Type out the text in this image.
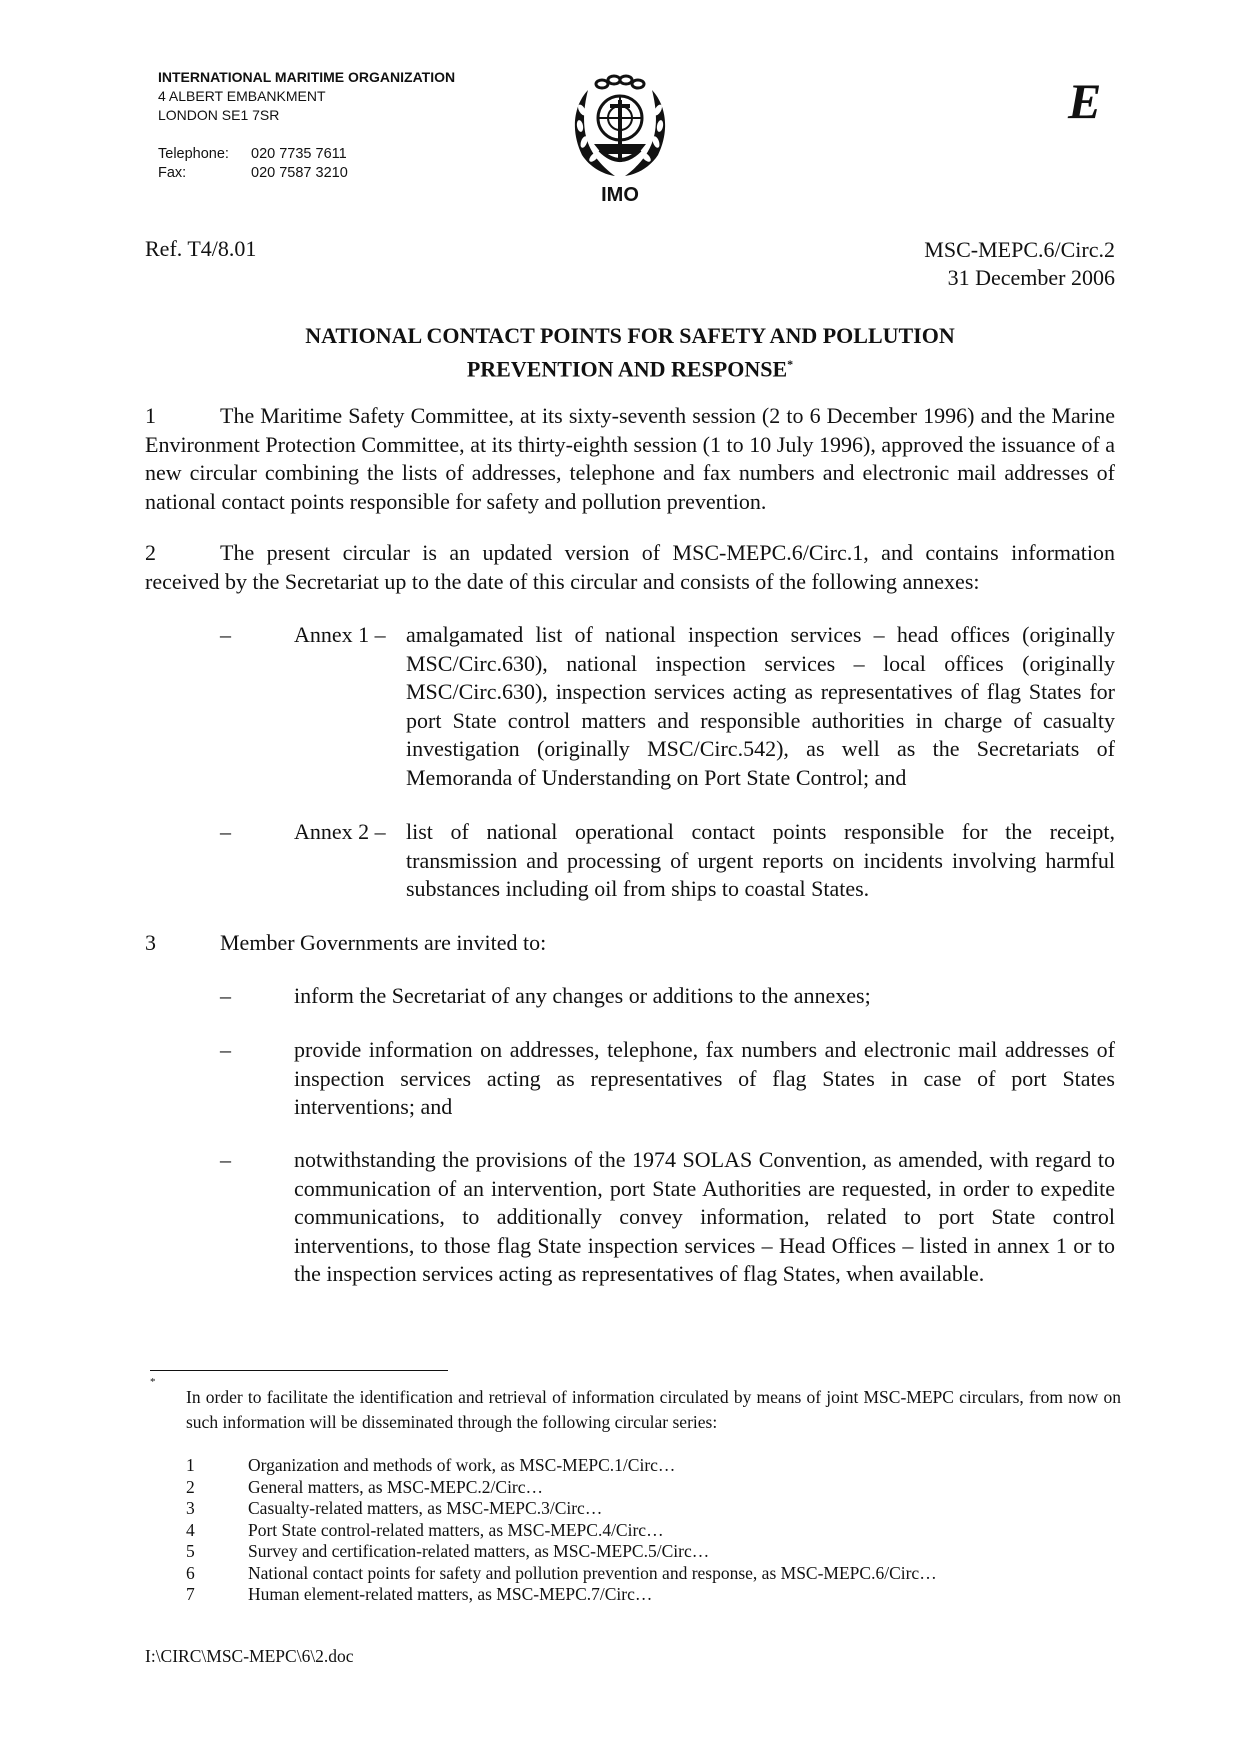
INTERNATIONAL MARITIME ORGANIZATION
4 ALBERT EMBANKMENT
LONDON SE1 7SR
Telephone: 020 7735 7611
Fax:	020 7587 3210
IMO
E
Ref. T4/8.01	MSC-MEPC.6/Circ.2
31 December 2006
NATIONAL CONTACT POINTS FOR SAFETY AND POLLUTION
PREVENTION AND RESPONSE*
1	The Maritime Safety Committee, at its sixty-seventh session (2 to 6 December 1996) and the Marine Environment Protection Committee, at its thirty-eighth session (1 to 10 July 1996), approved the issuance of a new circular combining the lists of addresses, telephone and fax numbers and electronic mail addresses of national contact points responsible for safety and pollution prevention.
2	The present circular is an updated version of MSC-MEPC.6/Circ.1, and contains information received by the Secretariat up to the date of this circular and consists of the following annexes:
–	Annex 1 – amalgamated list of national inspection services – head offices (originally MSC/Circ.630), national inspection services – local offices (originally MSC/Circ.630), inspection services acting as representatives of flag States for port State control matters and responsible authorities in charge of casualty investigation (originally MSC/Circ.542), as well as the Secretariats of Memoranda of Understanding on Port State Control; and
–	Annex 2 – list of national operational contact points responsible for the receipt, transmission and processing of urgent reports on incidents involving harmful substances including oil from ships to coastal States.
3	Member Governments are invited to:
–	inform the Secretariat of any changes or additions to the annexes;
–	provide information on addresses, telephone, fax numbers and electronic mail addresses of inspection services acting as representatives of flag States in case of port States interventions; and
–	notwithstanding the provisions of the 1974 SOLAS Convention, as amended, with regard to communication of an intervention, port State Authorities are requested, in order to expedite communications, to additionally convey information, related to port State control interventions, to those flag State inspection services – Head Offices – listed in annex 1 or to the inspection services acting as representatives of flag States, when available.
*
In order to facilitate the identification and retrieval of information circulated by means of joint MSC-MEPC circulars, from now on such information will be disseminated through the following circular series:
1	Organization and methods of work, as MSC-MEPC.1/Circ…
2	General matters, as MSC-MEPC.2/Circ…
3	Casualty-related matters, as MSC-MEPC.3/Circ…
4	Port State control-related matters, as MSC-MEPC.4/Circ…
5	Survey and certification-related matters, as MSC-MEPC.5/Circ…
6	National contact points for safety and pollution prevention and response, as MSC-MEPC.6/Circ…
7	Human element-related matters, as MSC-MEPC.7/Circ…
I:\CIRC\MSC-MEPC\6\2.doc
